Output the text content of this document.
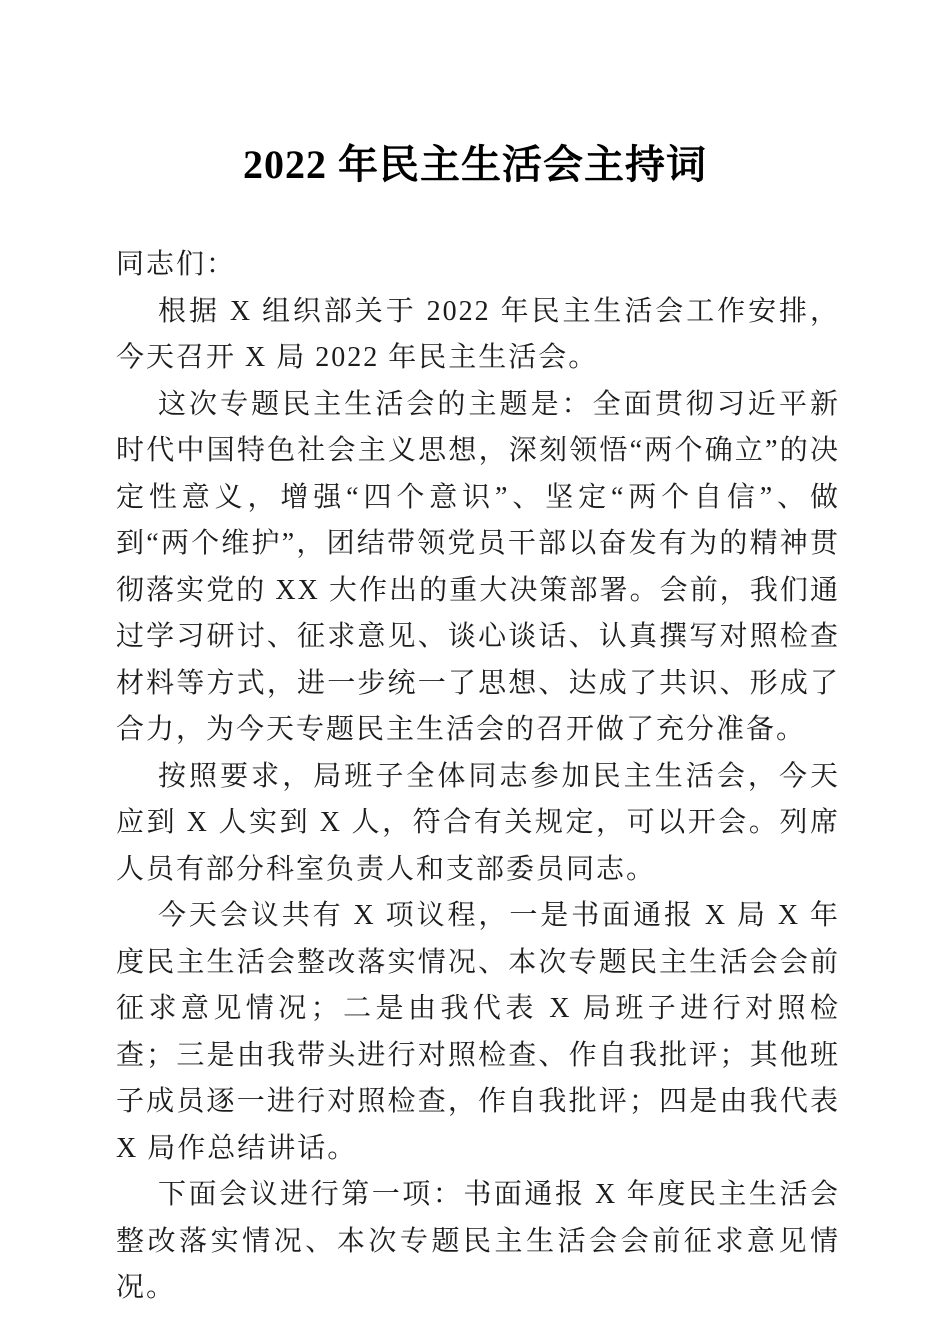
2022 年民主生活会主持词

同志们：

根据 X 组织部关于 2022 年民主生活会工作安排，今天召开 X 局 2022 年民主生活会。

这次专题民主生活会的主题是：全面贯彻习近平新时代中国特色社会主义思想，深刻领悟“两个确立”的决定性意义，增强“四个意识”、坚定“两个自信”、做到“两个维护”，团结带领党员干部以奋发有为的精神贯彻落实党的 XX 大作出的重大决策部署。会前，我们通过学习研讨、征求意见、谈心谈话、认真撰写对照检查材料等方式，进一步统一了思想、达成了共识、形成了合力，为今天专题民主生活会的召开做了充分准备。

按照要求，局班子全体同志参加民主生活会，今天应到 X 人实到 X 人，符合有关规定，可以开会。列席人员有部分科室负责人和支部委员同志。

今天会议共有 X 项议程，一是书面通报 X 局 X 年度民主生活会整改落实情况、本次专题民主生活会会前征求意见情况；二是由我代表 X 局班子进行对照检查；三是由我带头进行对照检查、作自我批评；其他班子成员逐一进行对照检查，作自我批评；四是由我代表 X 局作总结讲话。

下面会议进行第一项：书面通报 X 年度民主生活会整改落实情况、本次专题民主生活会会前征求意见情况。
